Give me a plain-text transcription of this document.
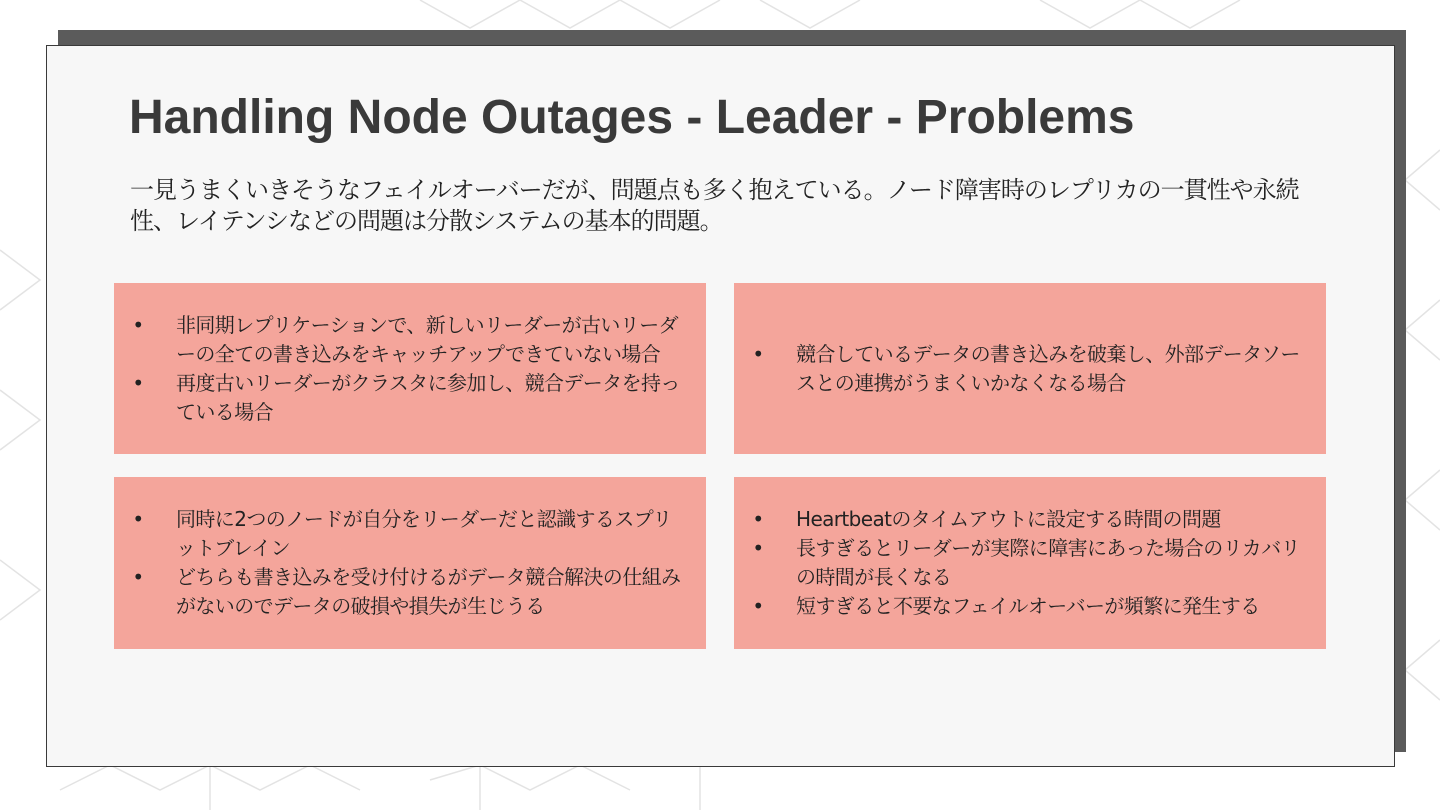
Handling Node Outages - Leader - Problems

一見うまくいきそうなフェイルオーバーだが、問題点も多く抱えている。ノード障害時のレプリカの一貫性や永続性、レイテンシなどの問題は分散システムの基本的問題。

• 非同期レプリケーションで、新しいリーダーが古いリーダーの全ての書き込みをキャッチアップできていない場合
• 再度古いリーダーがクラスタに参加し、競合データを持っている場合
• 競合しているデータの書き込みを破棄し、外部データソースとの連携がうまくいかなくなる場合
• 同時に2つのノードが自分をリーダーだと認識するスプリットブレイン
• どちらも書き込みを受け付けるがデータ競合解決の仕組みがないのでデータの破損や損失が生じうる
• Heartbeatのタイムアウトに設定する時間の問題
• 長すぎるとリーダーが実際に障害にあった場合のリカバリの時間が長くなる
• 短すぎると不要なフェイルオーバーが頻繁に発生する
